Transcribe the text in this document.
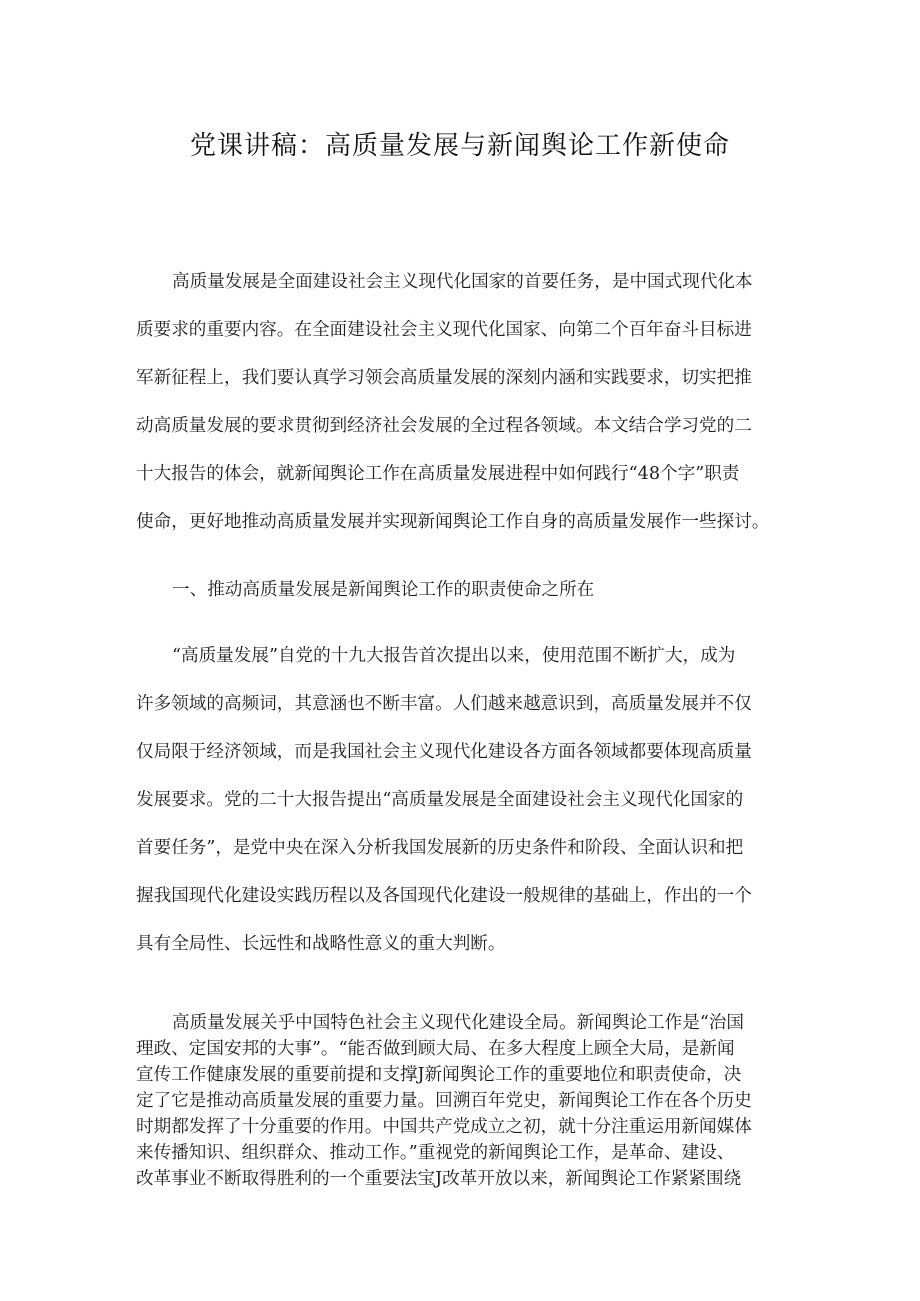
党课讲稿：高质量发展与新闻舆论工作新使命
高质量发展是全面建设社会主义现代化国家的首要任务，是中国式现代化本
质要求的重要内容。在全面建设社会主义现代化国家、向第二个百年奋斗目标进
军新征程上，我们要认真学习领会高质量发展的深刻内涵和实践要求，切实把推
动高质量发展的要求贯彻到经济社会发展的全过程各领域。本文结合学习党的二
十大报告的体会，就新闻舆论工作在高质量发展进程中如何践行“48个字”职责
使命，更好地推动高质量发展并实现新闻舆论工作自身的高质量发展作一些探讨。
一、推动高质量发展是新闻舆论工作的职责使命之所在
“高质量发展”自党的十九大报告首次提出以来，使用范围不断扩大，成为
许多领域的高频词，其意涵也不断丰富。人们越来越意识到，高质量发展并不仅
仅局限于经济领域，而是我国社会主义现代化建设各方面各领域都要体现高质量
发展要求。党的二十大报告提出“高质量发展是全面建设社会主义现代化国家的
首要任务”，是党中央在深入分析我国发展新的历史条件和阶段、全面认识和把
握我国现代化建设实践历程以及各国现代化建设一般规律的基础上，作出的一个
具有全局性、长远性和战略性意义的重大判断。
高质量发展关乎中国特色社会主义现代化建设全局。新闻舆论工作是“治国
理政、定国安邦的大事”。“能否做到顾大局、在多大程度上顾全大局，是新闻
宣传工作健康发展的重要前提和支撑J新闻舆论工作的重要地位和职责使命，决
定了它是推动高质量发展的重要力量。回溯百年党史，新闻舆论工作在各个历史
时期都发挥了十分重要的作用。中国共产党成立之初，就十分注重运用新闻媒体
来传播知识、组织群众、推动工作。”重视党的新闻舆论工作，是革命、建设、
改革事业不断取得胜利的一个重要法宝J改革开放以来，新闻舆论工作紧紧围绕
